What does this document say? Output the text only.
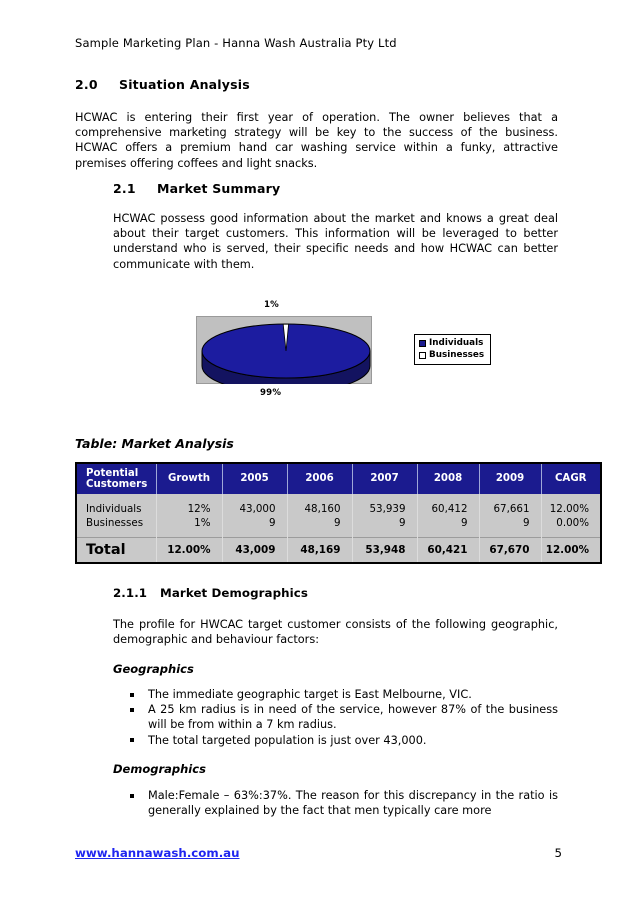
Sample Marketing Plan - Hanna Wash Australia Pty Ltd
2.0 Situation Analysis
HCWAC is entering their first year of operation. The owner believes that a comprehensive marketing strategy will be key to the success of the business. HCWAC offers a premium hand car washing service within a funky, attractive premises offering coffees and light snacks.
2.1 Market Summary
HCWAC possess good information about the market and knows a great deal about their target customers. This information will be leveraged to better understand who is served, their specific needs and how HCWAC can better communicate with them.
1%
99%
Individuals
Businesses
Table: Market Analysis
Potential
Customers	Growth	2005	2006	2007	2008	2009	CAGR

Individuals	12%	43,000	48,160	53,939	60,412	67,661	12.00%
Businesses	1%	9	9	9	9	9	0.00%

Total	12.00%	43,009	48,169	53,948	60,421	67,670	12.00%
2.1.1 Market Demographics
The profile for HWCAC target customer consists of the following geographic, demographic and behaviour factors:
Geographics
The immediate geographic target is East Melbourne, VIC.
A 25 km radius is in need of the service, however 87% of the business will be from within a 7 km radius.
The total targeted population is just over 43,000.
Demographics
Male:Female – 63%:37%. The reason for this discrepancy in the ratio is generally explained by the fact that men typically care more
www.hannawash.com.au	5
